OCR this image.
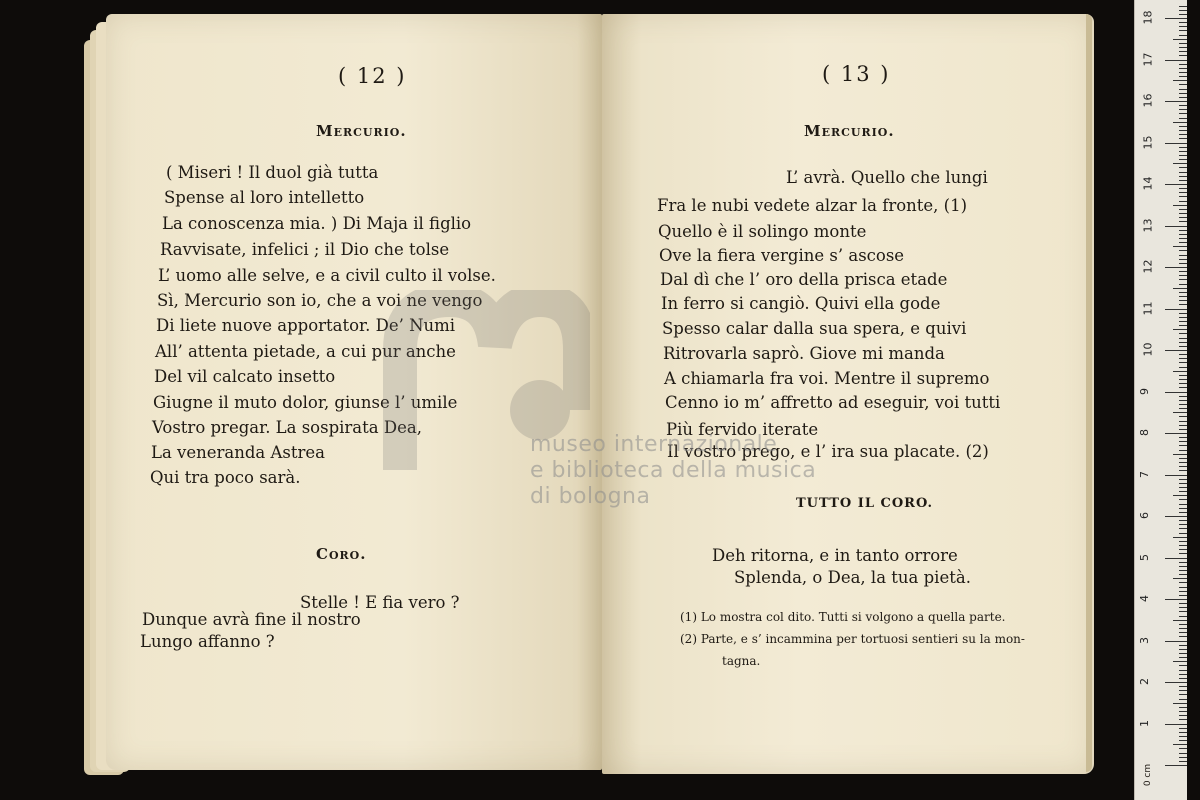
( 12 )
Mercurio.
( Miseri ! Il duol già tutta
Spense al loro intelletto
La conoscenza mia. ) Di Maja il figlio
Ravvisate, infelici ; il Dio che tolse
L’ uomo alle selve, e a civil culto il volse.
Sì, Mercurio son io, che a voi ne vengo
Di liete nuove apportator. De’ Numi
All’ attenta pietade, a cui pur anche
Del vil calcato insetto
Giugne il muto dolor, giunse l’ umile
Vostro pregar. La sospirata Dea,
La veneranda Astrea
Qui tra poco sarà.
Coro.
Stelle ! E fia vero ?
Dunque avrà fine il nostro
Lungo affanno ?
( 13 )
Mercurio.
L’ avrà. Quello che lungi
Fra le nubi vedete alzar la fronte, (1)
Quello è il solingo monte
Ove la fiera vergine s’ ascose
Dal dì che l’ oro della prisca etade
In ferro si cangiò. Quivi ella gode
Spesso calar dalla sua spera, e quivi
Ritrovarla saprò. Giove mi manda
A chiamarla fra voi. Mentre il supremo
Cenno io m’ affretto ad eseguir, voi tutti
Più fervido iterate
Il vostro prego, e l’ ira sua placate. (2)
TUTTO IL CORO.
Deh ritorna, e in tanto orrore
Splenda, o Dea, la tua pietà.
(1) Lo mostra col dito. Tutti si volgono a quella parte.
(2) Parte, e s’ incammina per tortuosi sentieri su la mon-
tagna.
museo internazionale
e biblioteca della musica
di bologna
0 cm
1
2
3
4
5
6
7
8
9
10
11
12
13
14
15
16
17
18
